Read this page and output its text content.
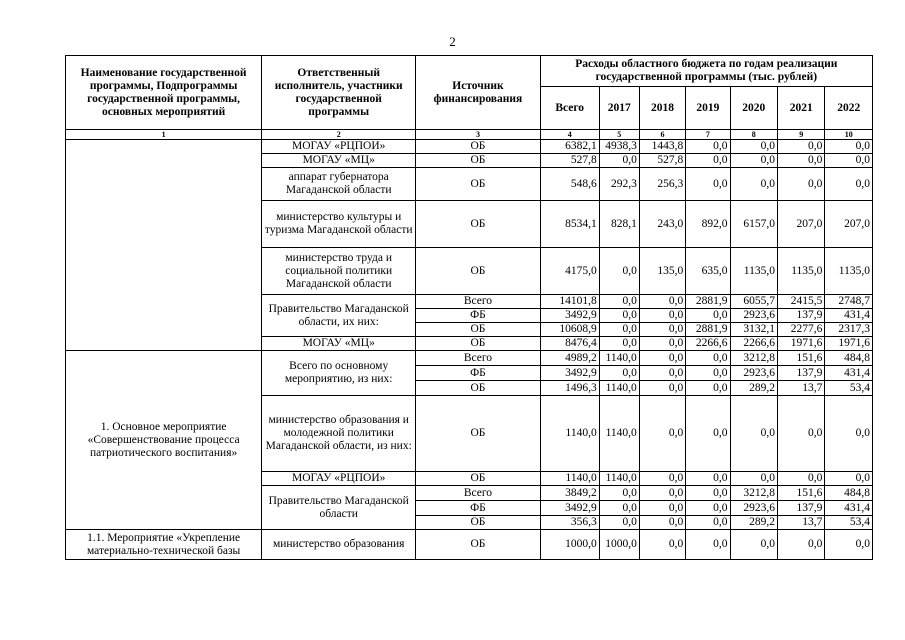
2
Наименование государственной программы, Подпрограммы государственной программы, основных мероприятий	Ответственный исполнитель, участники государственной программы	Источник финансирования	Расходы областного бюджета по годам реализации государственной программы (тыс. рублей)						
			Всего	2017	2018	2019	2020	2021	2022
1	2	3	4	5	6	7	8	9	10
	МОГАУ «РЦПОИ»	ОБ	6382,1	4938,3	1443,8	0,0	0,0	0,0	0,0
	МОГАУ «МЦ»	ОБ	527,8	0,0	527,8	0,0	0,0	0,0	0,0
	аппарат губернатора Магаданской области	ОБ	548,6	292,3	256,3	0,0	0,0	0,0	0,0
	министерство культуры и туризма Магаданской области	ОБ	8534,1	828,1	243,0	892,0	6157,0	207,0	207,0
	министерство труда и социальной политики Магаданской области	ОБ	4175,0	0,0	135,0	635,0	1135,0	1135,0	1135,0
	Правительство Магаданской области, их них:	Всего	14101,8	0,0	0,0	2881,9	6055,7	2415,5	2748,7
		ФБ	3492,9	0,0	0,0	0,0	2923,6	137,9	431,4
		ОБ	10608,9	0,0	0,0	2881,9	3132,1	2277,6	2317,3
	МОГАУ «МЦ»	ОБ	8476,4	0,0	0,0	2266,6	2266,6	1971,6	1971,6
1. Основное мероприятие «Совершенствование процесса патриотического воспитания»	Всего по основному мероприятию, из них:	Всего	4989,2	1140,0	0,0	0,0	3212,8	151,6	484,8
		ФБ	3492,9	0,0	0,0	0,0	2923,6	137,9	431,4
		ОБ	1496,3	1140,0	0,0	0,0	289,2	13,7	53,4
	министерство образования и молодежной политики Магаданской области, из них:	ОБ	1140,0	1140,0	0,0	0,0	0,0	0,0	0,0
	МОГАУ «РЦПОИ»	ОБ	1140,0	1140,0	0,0	0,0	0,0	0,0	0,0
	Правительство Магаданской области	Всего	3849,2	0,0	0,0	0,0	3212,8	151,6	484,8
		ФБ	3492,9	0,0	0,0	0,0	2923,6	137,9	431,4
		ОБ	356,3	0,0	0,0	0,0	289,2	13,7	53,4
1.1. Мероприятие «Укрепление материально-технической базы	министерство образования	ОБ	1000,0	1000,0	0,0	0,0	0,0	0,0	0,0
